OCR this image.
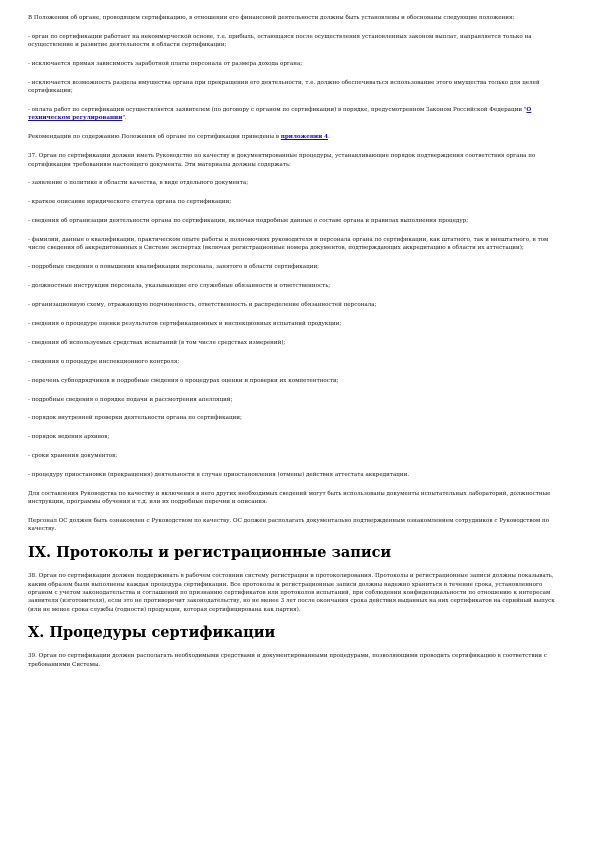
В Положении об органе, проводящем сертификацию, в отношении его финансовой деятельности должны быть установлены и обоснованы следующие положения:
- орган по сертификации работает на некоммерческой основе, т.е. прибыль, остающаяся после осуществления установленных законом выплат, направляется только на осуществление и развитие деятельности в области сертификации;
- исключается прямая зависимость заработной платы персонала от размера дохода органа;
- исключается возможность раздела имущества органа при прекращении его деятельности, т.е. должно обеспечиваться использование этого имущества только для целей сертификации;
- оплата работ по сертификации осуществляется заявителем (по договору с органом по сертификации) в порядке, предусмотренном Законом Российской Федерации "О техническом регулировании".
Рекомендации по содержанию Положения об органе по сертификации приведены в приложении 4.
37. Орган по сертификации должен иметь Руководство по качеству и документированные процедуры, устанавливающие порядок подтверждения соответствия органа по сертификации требованиям настоящего документа. Эти материалы должны содержать:
- заявление о политике в области качества, в виде отдельного документа;
- краткое описание юридического статуса органа по сертификации;
- сведения об организации деятельности органа по сертификации, включая подробные данные о составе органа и правилах выполнения процедур;
- фамилии, данные о квалификации, практическом опыте работы и полномочиях руководителя и персонала органа по сертификации, как штатного, так и внештатного, в том числе сведения об аккредитованных в Системе экспертах (включая регистрационные номера документов, подтверждающих аккредитацию в области их аттестации);
- подробные сведения о повышении квалификации персонала, занятого в области сертификации;
- должностные инструкции персонала, указывающие его служебные обязанности и ответственность;
- организационную схему, отражающую подчиненность, ответственность и распределение обязанностей персонала;
- сведения о процедуре оценки результатов сертификационных и инспекционных испытаний продукции;
- сведения об используемых средствах испытаний (в том числе средствах измерений);
- сведения о процедуре инспекционного контроля;
- перечень субподрядчиков и подробные сведения о процедурах оценки и проверки их компетентности;
- подробные сведения о порядке подачи и рассмотрения апелляций;
- порядок внутренней проверки деятельности органа по сертификации;
- порядок ведения архивов;
- сроки хранения документов;
- процедуру приостановки (прекращения) деятельности в случае приостановления (отмены) действия аттестата аккредитации.
Для составления Руководства по качеству и включения в него других необходимых сведений могут быть использованы документы испытательных лабораторий, должностные инструкции, программы обучения и т.д. или их подробные перечни и описания.
Персонал ОС должен быть ознакомлен с Руководством по качеству. ОС должен располагать документально подтвержденным ознакомлением сотрудников с Руководством по качеству.
IX. Протоколы и регистрационные записи
38. Орган по сертификации должен поддерживать в рабочем состоянии систему регистрации и протоколирования. Протоколы и регистрационные записи должны показывать, каким образом были выполнены каждая процедура сертификации. Все протоколы и регистрационные записи должны надежно храниться в течение срока, установленного органом с учетом законодательства и соглашений по признанию сертификатов или протоколов испытаний, при соблюдении конфиденциальности по отношению к интересам заявителя (изготовителя), если это не противоречит законодательству, но не менее 3 лет после окончания срока действия выданных на них сертификатов на серийный выпуск (или не менее срока службы (годности) продукции, которая сертифицирована как партия).
X. Процедуры сертификации
39. Орган по сертификации должен располагать необходимыми средствами и документированными процедурами, позволяющими проводить сертификацию в соответствии с требованиями Системы.
